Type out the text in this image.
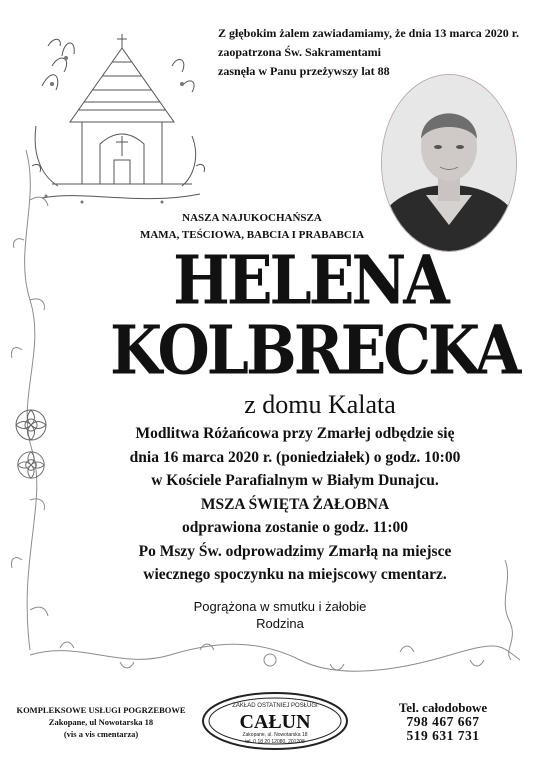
Z głębokim żalem zawiadamiamy, że dnia 13 marca 2020 r.
zaopatrzona Św. Sakramentami
zasnęła w Panu przeżywszy lat 88
NASZA NAJUKOCHAŃSZA
MAMA, TEŚCIOWA, BABCIA I PRABABCIA
HELENA
KOLBRECKA
z domu Kalata
Modlitwa Różańcowa przy Zmarłej odbędzie się
dnia 16 marca 2020 r. (poniedziałek) o godz. 10:00
w Kościele Parafialnym w Białym Dunajcu.
MSZA ŚWIĘTA ŻAŁOBNA
odprawiona zostanie o godz. 11:00
Po Mszy Św. odprowadzimy Zmarłą na miejsce
wiecznego spoczynku na miejscowy cmentarz.
Pogrążona w smutku i żałobie
Rodzina
KOMPLEKSOWE USŁUGI POGRZEBOWE
Zakopane, ul Nowotarska 18
(vis a vis cmentarza)
ZAKŁAD OSTATNIEJ POSŁUGI
CAŁUN
Zakopane, ul. Nowotarska 18
tel. 0 18 20 12080, 201208
Tel. całodobowe
798 467 667
519 631 731
